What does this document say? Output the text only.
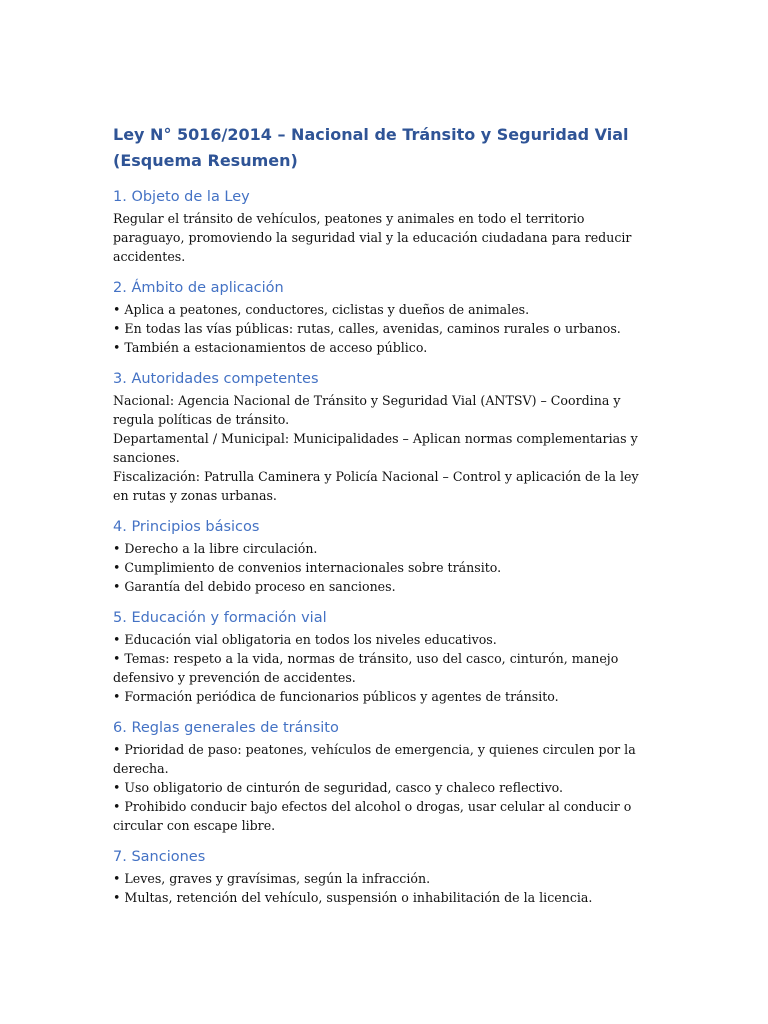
Ley N° 5016/2014 – Nacional de Tránsito y Seguridad Vial (Esquema Resumen)
1. Objeto de la Ley
Regular el tránsito de vehículos, peatones y animales en todo el territorio paraguayo, promoviendo la seguridad vial y la educación ciudadana para reducir accidentes.
2. Ámbito de aplicación
• Aplica a peatones, conductores, ciclistas y dueños de animales.
• En todas las vías públicas: rutas, calles, avenidas, caminos rurales o urbanos.
• También a estacionamientos de acceso público.
3. Autoridades competentes
Nacional: Agencia Nacional de Tránsito y Seguridad Vial (ANTSV) – Coordina y regula políticas de tránsito.
Departamental / Municipal: Municipalidades – Aplican normas complementarias y sanciones.
Fiscalización: Patrulla Caminera y Policía Nacional – Control y aplicación de la ley en rutas y zonas urbanas.
4. Principios básicos
• Derecho a la libre circulación.
• Cumplimiento de convenios internacionales sobre tránsito.
• Garantía del debido proceso en sanciones.
5. Educación y formación vial
• Educación vial obligatoria en todos los niveles educativos.
• Temas: respeto a la vida, normas de tránsito, uso del casco, cinturón, manejo defensivo y prevención de accidentes.
• Formación periódica de funcionarios públicos y agentes de tránsito.
6. Reglas generales de tránsito
• Prioridad de paso: peatones, vehículos de emergencia, y quienes circulen por la derecha.
• Uso obligatorio de cinturón de seguridad, casco y chaleco reflectivo.
• Prohibido conducir bajo efectos del alcohol o drogas, usar celular al conducir o circular con escape libre.
7. Sanciones
• Leves, graves y gravísimas, según la infracción.
• Multas, retención del vehículo, suspensión o inhabilitación de la licencia.
